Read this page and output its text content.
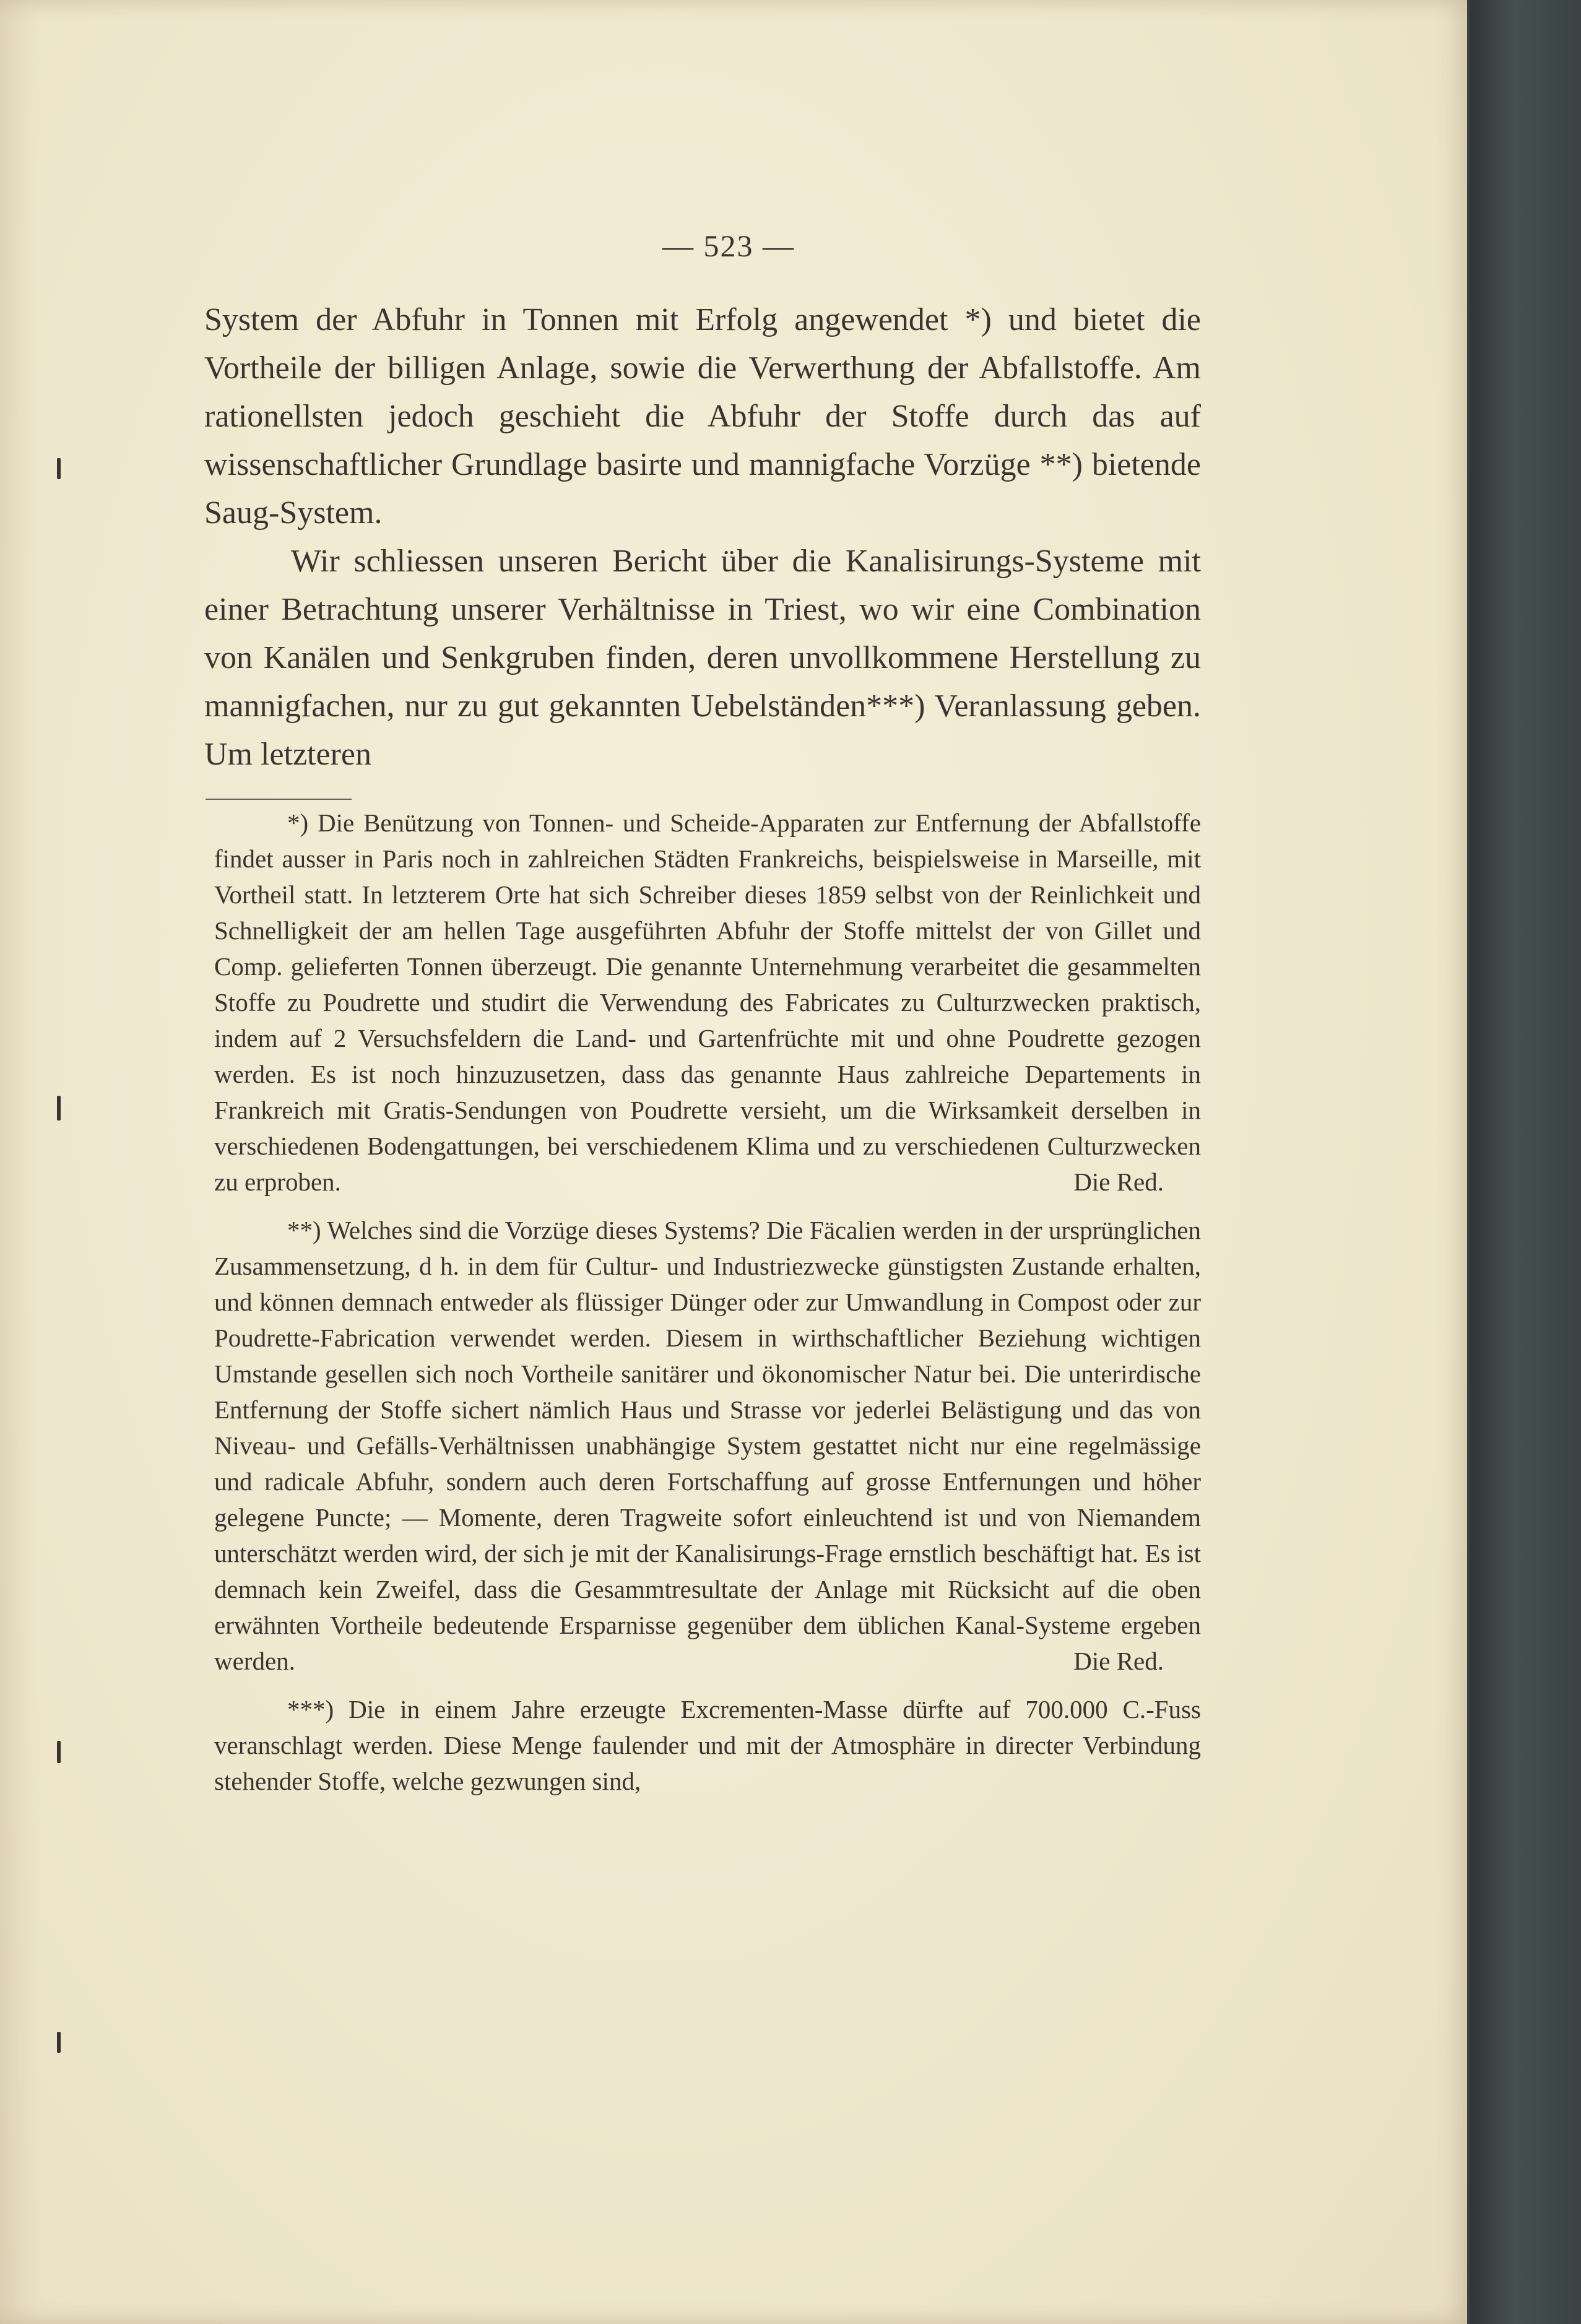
— 523 —

System der Abfuhr in Tonnen mit Erfolg angewendet *) und bietet die Vortheile der billigen Anlage, sowie die Verwerthung der Abfallstoffe. Am rationellsten jedoch geschieht die Abfuhr der Stoffe durch das auf wissenschaftlicher Grundlage basirte und mannigfache Vorzüge **) bietende Saug-System.

Wir schliessen unseren Bericht über die Kanalisirungs-Systeme mit einer Betrachtung unserer Verhältnisse in Triest, wo wir eine Combination von Kanälen und Senkgruben finden, deren unvollkommene Herstellung zu mannigfachen, nur zu gut gekannten Uebelständen***) Veranlassung geben. Um letzteren

*) Die Benützung von Tonnen- und Scheide-Apparaten zur Entfernung der Abfallstoffe findet ausser in Paris noch in zahlreichen Städten Frankreichs, beispielsweise in Marseille, mit Vortheil statt. In letzterem Orte hat sich Schreiber dieses 1859 selbst von der Reinlichkeit und Schnelligkeit der am hellen Tage ausgeführten Abfuhr der Stoffe mittelst der von Gillet und Comp. gelieferten Tonnen überzeugt. Die genannte Unternehmung verarbeitet die gesammelten Stoffe zu Poudrette und studirt die Verwendung des Fabricates zu Culturzwecken praktisch, indem auf 2 Versuchsfeldern die Land- und Gartenfrüchte mit und ohne Poudrette gezogen werden. Es ist noch hinzuzusetzen, dass das genannte Haus zahlreiche Departements in Frankreich mit Gratis-Sendungen von Poudrette versieht, um die Wirksamkeit derselben in verschiedenen Bodengattungen, bei verschiedenem Klima und zu verschiedenen Culturzwecken zu erproben.	Die Red.

**) Welches sind die Vorzüge dieses Systems? Die Fäcalien werden in der ursprünglichen Zusammensetzung, d h. in dem für Cultur- und Industriezwecke günstigsten Zustande erhalten, und können demnach entweder als flüssiger Dünger oder zur Umwandlung in Compost oder zur Poudrette-Fabrication verwendet werden. Diesem in wirthschaftlicher Beziehung wichtigen Umstande gesellen sich noch Vortheile sanitärer und ökonomischer Natur bei. Die unterirdische Entfernung der Stoffe sichert nämlich Haus und Strasse vor jederlei Belästigung und das von Niveau- und Gefälls-Verhältnissen unabhängige System gestattet nicht nur eine regelmässige und radicale Abfuhr, sondern auch deren Fortschaffung auf grosse Entfernungen und höher gelegene Puncte; — Momente, deren Tragweite sofort einleuchtend ist und von Niemandem unterschätzt werden wird, der sich je mit der Kanalisirungs-Frage ernstlich beschäftigt hat. Es ist demnach kein Zweifel, dass die Gesammtresultate der Anlage mit Rücksicht auf die oben erwähnten Vortheile bedeutende Ersparnisse gegenüber dem üblichen Kanal-Systeme ergeben werden.	Die Red.

***) Die in einem Jahre erzeugte Excrementen-Masse dürfte auf 700.000 C.-Fuss veranschlagt werden. Diese Menge faulender und mit der Atmosphäre in directer Verbindung stehender Stoffe, welche gezwungen sind,
